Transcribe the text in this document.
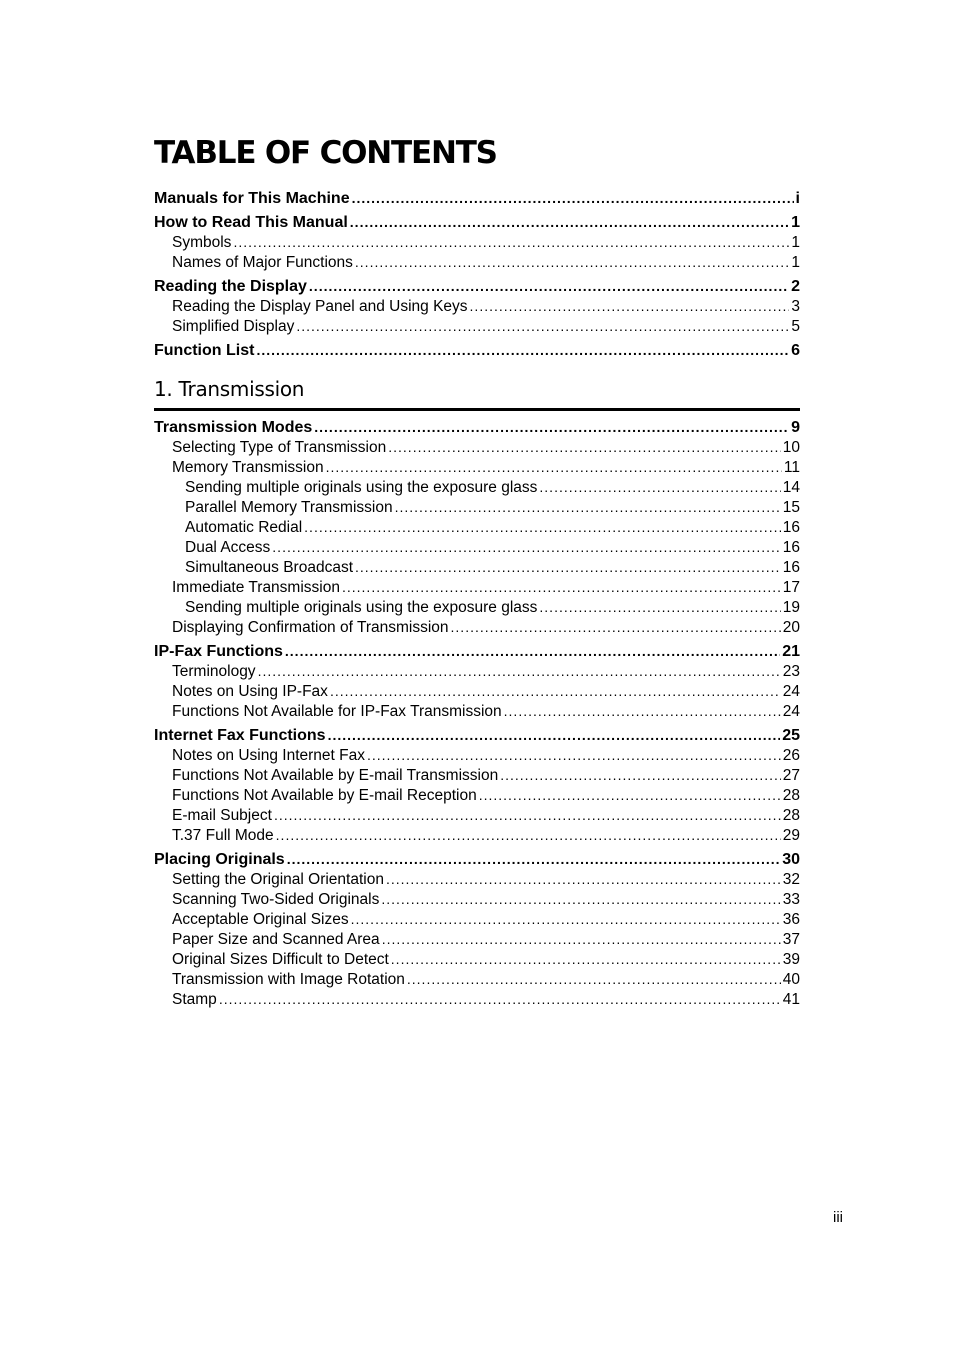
TABLE OF CONTENTS
Manuals for This Machine .....	i
How to Read This Manual .....	1
Symbols .....	1
Names of Major Functions .....	1
Reading the Display .....	2
Reading the Display Panel and Using Keys .....	3
Simplified Display .....	5
Function List .....	6
1. Transmission
Transmission Modes .....	9
Selecting Type of Transmission .....	10
Memory Transmission .....	11
Sending multiple originals using the exposure glass .....	14
Parallel Memory Transmission .....	15
Automatic Redial .....	16
Dual Access .....	16
Simultaneous Broadcast .....	16
Immediate Transmission .....	17
Sending multiple originals using the exposure glass .....	19
Displaying Confirmation of Transmission .....	20
IP-Fax Functions .....	21
Terminology .....	23
Notes on Using IP-Fax .....	24
Functions Not Available for IP-Fax Transmission .....	24
Internet Fax Functions .....	25
Notes on Using Internet Fax .....	26
Functions Not Available by E-mail Transmission .....	27
Functions Not Available by E-mail Reception .....	28
E-mail Subject .....	28
T.37 Full Mode .....	29
Placing Originals .....	30
Setting the Original Orientation .....	32
Scanning Two-Sided Originals .....	33
Acceptable Original Sizes .....	36
Paper Size and Scanned Area .....	37
Original Sizes Difficult to Detect .....	39
Transmission with Image Rotation .....	40
Stamp .....	41
iii
